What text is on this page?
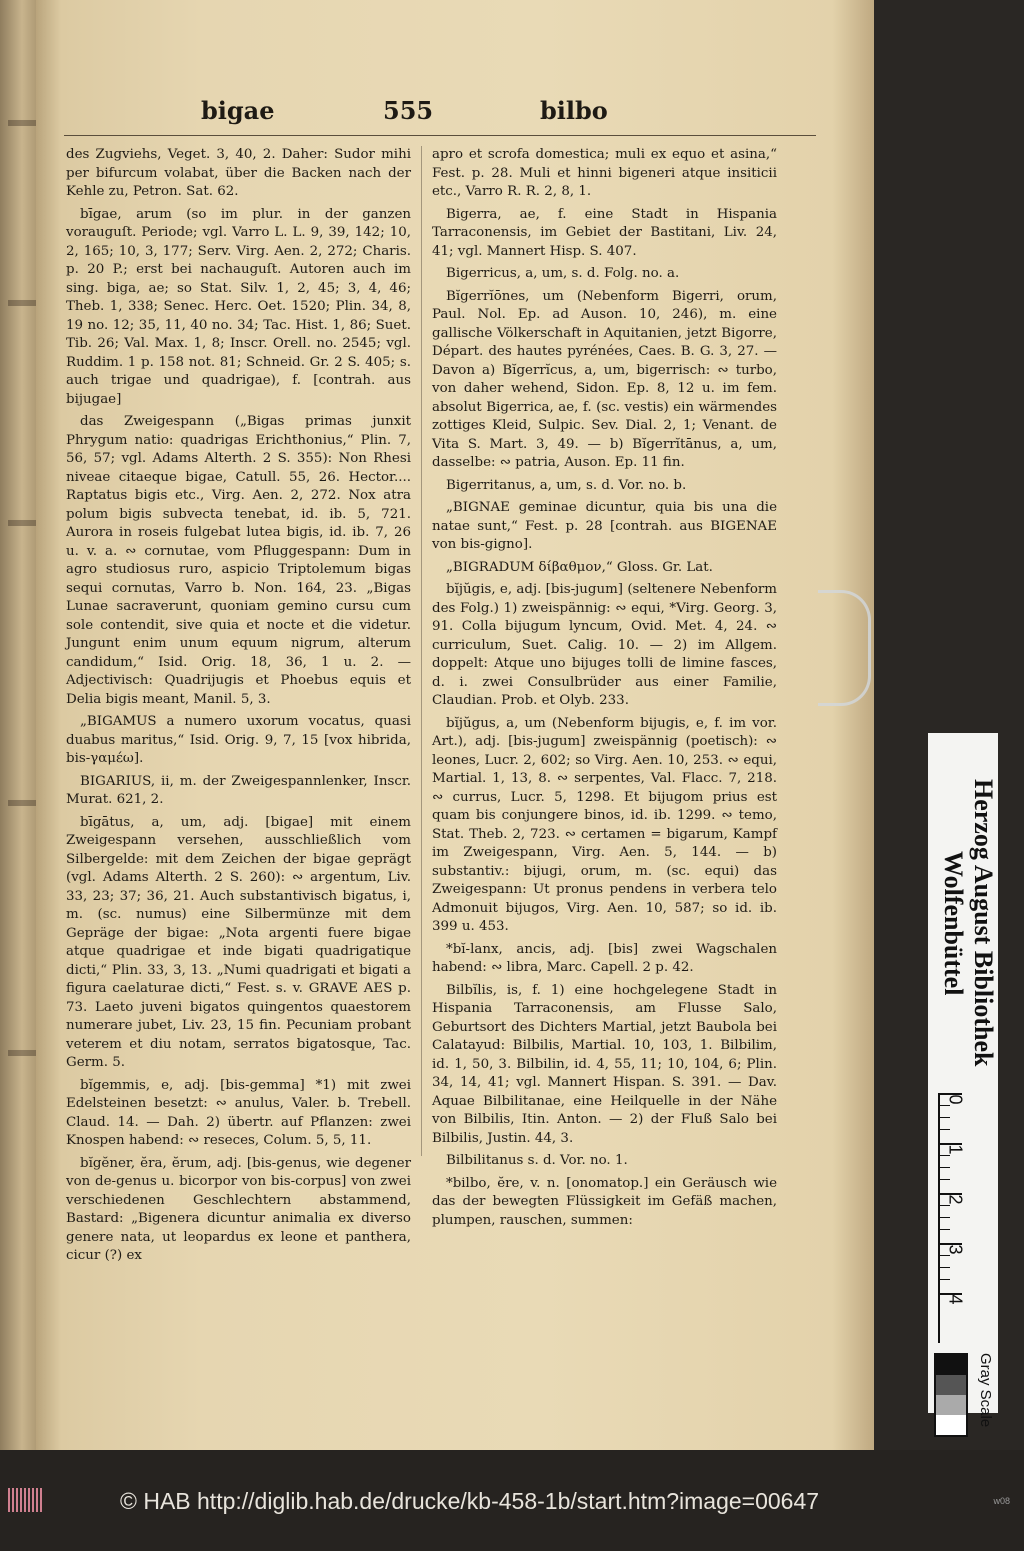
bigae	555	bilbo

des Zugviehs, Veget. 3, 40, 2. Daher: Sudor mihi per bifurcum volabat, über die Backen nach der Kehle zu, Petron. Sat. 62.

bīgae, arum (so im plur. in der ganzen vorauguſt. Periode; vgl. Varro L. L. 9, 39, 142; 10, 2, 165; 10, 3, 177; Serv. Virg. Aen. 2, 272; Charis. p. 20 P.; erst bei nachauguſt. Autoren auch im sing. biga, ae; so Stat. Silv. 1, 2, 45; 3, 4, 46; Theb. 1, 338; Senec. Herc. Oet. 1520; Plin. 34, 8, 19 no. 12; 35, 11, 40 no. 34; Tac. Hist. 1, 86; Suet. Tib. 26; Val. Max. 1, 8; Inscr. Orell. no. 2545; vgl. Ruddim. 1 p. 158 not. 81; Schneid. Gr. 2 S. 405; s. auch trigae und quadrigae), f. [contrah. aus bijugae]

das Zweigespann („Bigas primas junxit Phrygum natio: quadrigas Erichthonius,“ Plin. 7, 56, 57; vgl. Adams Alterth. 2 S. 355): Non Rhesi niveae citaeque bigae, Catull. 55, 26. Hector.... Raptatus bigis etc., Virg. Aen. 2, 272. Nox atra polum bigis subvecta tenebat, id. ib. 5, 721. Aurora in roseis fulgebat lutea bigis, id. ib. 7, 26 u. v. a. ∾ cornutae, vom Pfluggespann: Dum in agro studiosus ruro, aspicio Triptolemum bigas sequi cornutas, Varro b. Non. 164, 23. „Bigas Lunae sacraverunt, quoniam gemino cursu cum sole contendit, sive quia et nocte et die videtur. Jungunt enim unum equum nigrum, alterum candidum,“ Isid. Orig. 18, 36, 1 u. 2. — Adjectivisch: Quadrijugis et Phoebus equis et Delia bigis meant, Manil. 5, 3.

„BIGAMUS a numero uxorum vocatus, quasi duabus maritus,“ Isid. Orig. 9, 7, 15 [vox hibrida, bis-γαμέω].

BIGARIUS, ii, m. der Zweigespannlenker, Inscr. Murat. 621, 2.

bīgātus, a, um, adj. [bigae] mit einem Zweigespann versehen, ausschließlich vom Silbergelde: mit dem Zeichen der bigae geprägt (vgl. Adams Alterth. 2 S. 260): ∾ argentum, Liv. 33, 23; 37; 36, 21. Auch substantivisch bigatus, i, m. (sc. numus) eine Silbermünze mit dem Gepräge der bigae: „Nota argenti fuere bigae atque quadrigae et inde bigati quadrigatique dicti,“ Plin. 33, 3, 13. „Numi quadrigati et bigati a figura caelaturae dicti,“ Fest. s. v. GRAVE AES p. 73. Laeto juveni bigatos quingentos quaestorem numerare jubet, Liv. 23, 15 fin. Pecuniam probant veterem et diu notam, serratos bigatosque, Tac. Germ. 5.

bĭgemmis, e, adj. [bis-gemma] *1) mit zwei Edelsteinen besetzt: ∾ anulus, Valer. b. Trebell. Claud. 14. — Dah. 2) übertr. auf Pflanzen: zwei Knospen habend: ∾ reseces, Colum. 5, 5, 11.

bĭgĕner, ĕra, ĕrum, adj. [bis-genus, wie degener von de-genus u. bicorpor von bis-corpus] von zwei verschiedenen Geschlechtern abstammend, Bastard: „Bigenera dicuntur animalia ex diverso genere nata, ut leopardus ex leone et panthera, cicur (?) ex

apro et scrofa domestica; muli ex equo et asina,“ Fest. p. 28. Muli et hinni bigeneri atque insiticii etc., Varro R. R. 2, 8, 1.

Bigerra, ae, f. eine Stadt in Hispania Tarraconensis, im Gebiet der Bastitani, Liv. 24, 41; vgl. Mannert Hisp. S. 407.

Bigerricus, a, um, s. d. Folg. no. a.

Bĭgerrĭōnes, um (Nebenform Bigerri, orum, Paul. Nol. Ep. ad Auson. 10, 246), m. eine gallische Völkerschaft in Aquitanien, jetzt Bigorre, Départ. des hautes pyrénées, Caes. B. G. 3, 27. — Davon a) Bĭgerrĭcus, a, um, bigerrisch: ∾ turbo, von daher wehend, Sidon. Ep. 8, 12 u. im fem. absolut Bigerrica, ae, f. (sc. vestis) ein wärmendes zottiges Kleid, Sulpic. Sev. Dial. 2, 1; Venant. de Vita S. Mart. 3, 49. — b) Bĭgerrĭtānus, a, um, dasselbe: ∾ patria, Auson. Ep. 11 fin.

Bigerritanus, a, um, s. d. Vor. no. b.

„BIGNAE geminae dicuntur, quia bis una die natae sunt,“ Fest. p. 28 [contrah. aus BIGENAE von bis-gigno].

„BIGRADUM δίβαθμον,“ Gloss. Gr. Lat.

bĭjŭgis, e, adj. [bis-jugum] (seltenere Nebenform des Folg.) 1) zweispännig: ∾ equi, *Virg. Georg. 3, 91. Colla bijugum lyncum, Ovid. Met. 4, 24. ∾ curriculum, Suet. Calig. 10. — 2) im Allgem. doppelt: Atque uno bijuges tolli de limine fasces, d. i. zwei Consulbrüder aus einer Familie, Claudian. Prob. et Olyb. 233.

bĭjŭgus, a, um (Nebenform bijugis, e, f. im vor. Art.), adj. [bis-jugum] zweispännig (poetisch): ∾ leones, Lucr. 2, 602; so Virg. Aen. 10, 253. ∾ equi, Martial. 1, 13, 8. ∾ serpentes, Val. Flacc. 7, 218. ∾ currus, Lucr. 5, 1298. Et bijugom prius est quam bis conjungere binos, id. ib. 1299. ∾ temo, Stat. Theb. 2, 723. ∾ certamen = bigarum, Kampf im Zweigespann, Virg. Aen. 5, 144. — b) substantiv.: bijugi, orum, m. (sc. equi) das Zweigespann: Ut pronus pendens in verbera telo Admonuit bijugos, Virg. Aen. 10, 587; so id. ib. 399 u. 453.

*bĭ-lanx, ancis, adj. [bis] zwei Wagschalen habend: ∾ libra, Marc. Capell. 2 p. 42.

Bilbĭlis, is, f. 1) eine hochgelegene Stadt in Hispania Tarraconensis, am Flusse Salo, Geburtsort des Dichters Martial, jetzt Baubola bei Calatayud: Bilbilis, Martial. 10, 103, 1. Bilbilim, id. 1, 50, 3. Bilbilin, id. 4, 55, 11; 10, 104, 6; Plin. 34, 14, 41; vgl. Mannert Hispan. S. 391. — Dav. Aquae Bilbilitanae, eine Heilquelle in der Nähe von Bilbilis, Itin. Anton. — 2) der Fluß Salo bei Bilbilis, Justin. 44, 3.

Bilbilitanus s. d. Vor. no. 1.

*bilbo, ĕre, v. n. [onomatop.] ein Geräusch wie das der bewegten Flüssigkeit im Gefäß machen, plumpen, rauschen, summen:

Herzog August Bibliothek
Wolfenbüttel
0
1
2
3
4
Gray Scale
© HAB http://diglib.hab.de/drucke/kb-458-1b/start.htm?image=00647	w08
